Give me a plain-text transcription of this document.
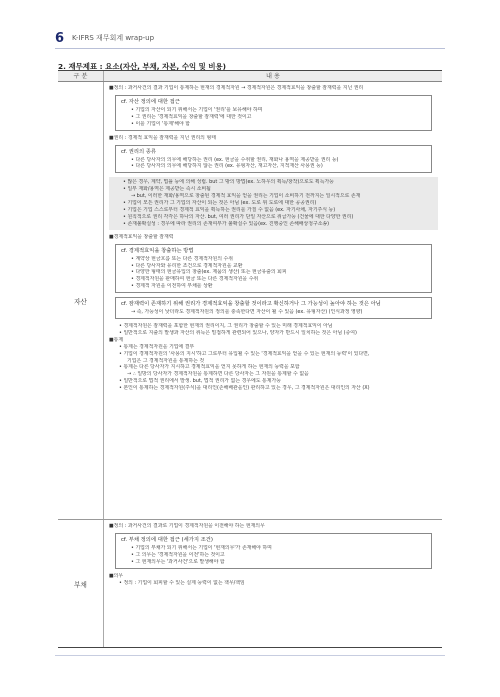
6 K-IFRS 재무회계 wrap-up
2. 재무제표 : 요소(자산, 부채, 자본, 수익 및 비용)
구 분	내 용
자산
■정의 : 과거사건의 결과 기업이 통제하는 현재의 경제적자원 → 경제적자원은 경제적효익을 창출할 잠재력을 지닌 권리
cf. 자산 정의에 대한 접근
• 기업의 자산이 되기 위해서는 기업이 '권리'를 보유해야 하며
• 그 권리는 '경제적효익을 창출할 잠재력'에 대한 것이고
• 이를 기업이 '통제'해야 함
■권리 : 경제적 효익을 잠재력을 지닌 권리의 형태
cf. 권리의 종류
• 다른 당사자의 의무에 해당하는 권리 (ex. 현금을 수취할 권리, 재화나 용역을 제공받을 권리 등)
• 다른 당사자의 의무에 해당하지 않는 권리 (ex. 유형자산, 재고자산, 지적재산 사용권 등)
• 많은 경우, 계약, 법률 등에 의해 성립. but 그 밖의 방법(ex. 노하우의 획득/창작)으로도 획득가능
• 일부 재화/용역은 제공받는 즉시 소비됨
→ but, 이러한 재화/용역으로 창출된 경제적 효익을 얻을 권리는 기업이 소비하기 전까지는 일시적으로 존재
• 기업이 모든 권리가 그 기업의 자산이 되는 것은 아님 (ex. 도로 위 도로에 대한 공공권리)
• 기업은 기업 스스로부터 경제적 효익을 획득하는 권리를 가질 수 없음 (ex. 자기사채, 자기주식 등)
• 원칙적으로 권리 각각은 하나의 자산. but, 여러 권리가 단일 자산으로 취급가능 (건물에 대한 다양한 권리)
• 존재불확실성 : 경우에 따라 권리의 존재여부가 불확실수 있음(ex. 진행중인 존해배상청구소송)
■경제적효익을 창출할 잠재력
cf. 경제적효익을 창출하는 방법
• 계약상 현금흐름 또는 다른 경제적자원의 수취
• 다른 당사자와 유리한 조건으로 경제적자원을 교환
• 다양한 형태의 현금유입의 창출(ex. 제품의 생산) 또는 현금유출의 회피
• 경제적자원을 판매하여 현금 또는 다른 경제적자원을 수취
• 경제적 자원을 이전하여 부채를 상환
cf. 잠재력이 존재하기 위해 권리가 경제적효익을 창출할 것이라고 확신하거나 그 가능성이 높아야 하는 것은 아님
→ 즉, 가능성이 낮더라도 경제적자원의 정의를 충족한다면 자산이 될 수 있음 (ex. 유형자산) (인식과정 영향)
• 경제적자원은 잠재력을 포함한 현재의 권리이지, 그 권리가 창출할 수 있는 미래 경제적효익이 아님
• 일반적으로 지출의 발생과 자산의 취득은 밀접하게 관련되어 있으나, 양자가 반드시 일치하는 것은 아님 (증여)
■통제
• 통제는 경제적자원을 기업에 결부
• 기업이 경제적자원의 '사용의 지시'하고 그로부터 유입될 수 있는 '경제적효익을 얻을 수 있는 현재의 능력'이 있다면,
기업은 그 경제적자원을 통제하는 것
• 통제는 다른 당사자가 지시하고 경제적효익을 얻지 못하게 하는 현재의 능력을 포함
→ ∴ 일방의 당사자가 경제적자원을 통제하면 다른 당사자는 그 자원을 통제할 수 없음
• 일반적으로 법적 권리에서 발생. but, 법적 권리가 없는 경우에도 통제가능
• 본인이 통제하는 경제적자원(주식)을 대리인(손해배관을인) 관리하고 있는 경우, 그 경제적자원은 대리인의 자산 (X)
부채
■정의 : 과거사건의 결과로 기업이 경제적자원을 이전해야 하는 현재의무
cf. 부채 정의에 대한 접근 (세가지 조건)
• 기업의 부채가 되기 위해서는 기업이 '현재의무'가 존재해야 하며
• 그 의무는 '경제적자원을 이전'하는 것이고
• 그 현재의무는 '과거사건'으로 발생해야 함
■의무
• 정의 : 기업이 회피할 수 있는 실제 능력이 없는 책무/책임
